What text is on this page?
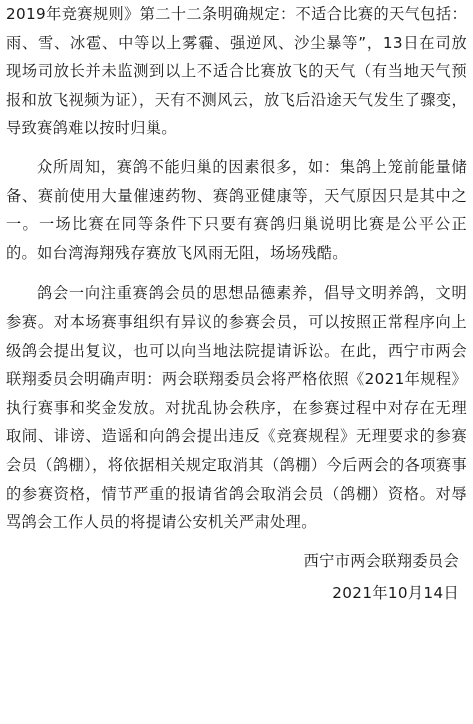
2019年竞赛规则》第二十二条明确规定：不适合比赛的天气包括：雨、雪、冰雹、中等以上雾霾、强逆风、沙尘暴等”，13日在司放现场司放长并未监测到以上不适合比赛放飞的天气（有当地天气预报和放飞视频为证），天有不测风云，放飞后沿途天气发生了骤变，导致赛鸽难以按时归巢。

众所周知，赛鸽不能归巢的因素很多，如：集鸽上笼前能量储备、赛前使用大量催速药物、赛鸽亚健康等，天气原因只是其中之一。一场比赛在同等条件下只要有赛鸽归巢说明比赛是公平公正的。如台湾海翔残存赛放飞风雨无阻，场场残酷。

鸽会一向注重赛鸽会员的思想品德素养，倡导文明养鸽，文明参赛。对本场赛事组织有异议的参赛会员，可以按照正常程序向上级鸽会提出复议，也可以向当地法院提请诉讼。在此，西宁市两会联翔委员会明确声明：两会联翔委员会将严格依照《2021年规程》执行赛事和奖金发放。对扰乱协会秩序，在参赛过程中对存在无理取闹、诽谤、造谣和向鸽会提出违反《竞赛规程》无理要求的参赛会员（鸽棚），将依据相关规定取消其（鸽棚）今后两会的各项赛事的参赛资格，情节严重的报请省鸽会取消会员（鸽棚）资格。对辱骂鸽会工作人员的将提请公安机关严肃处理。

西宁市两会联翔委员会

2021年10月14日
